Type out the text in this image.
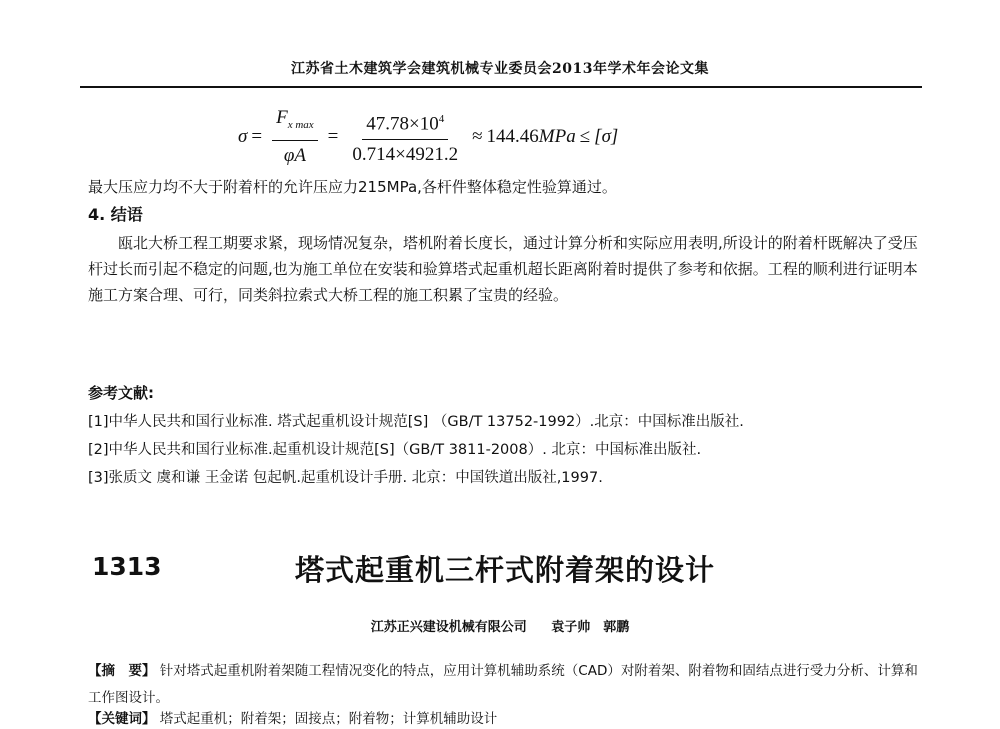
江苏省土木建筑学会建筑机械专业委员会2013年学术年会论文集
$\sigma = \frac{F_{x max}}{\varphi A} = \frac{47.78\times 10^4}{0.714\times 4921.2} \approx 144.46$ MPa ≤ [σ]
最大压应力均不大于附着杆的允许压应力215MPa,各杆件整体稳定性验算通过。
4. 结语
瓯北大桥工程工期要求紧，现场情况复杂，塔机附着长度长，通过计算分析和实际应用表明,所设计的附着杆既解决了受压杆过长而引起不稳定的问题,也为施工单位在安装和验算塔式起重机超长距离附着时提供了参考和依据。工程的顺利进行证明本施工方案合理、可行，同类斜拉索式大桥工程的施工积累了宝贵的经验。
参考文献:
[1]中华人民共和国行业标准. 塔式起重机设计规范[S] （GB/T 13752-1992）.北京：中国标准出版社.
[2]中华人民共和国行业标准.起重机设计规范[S]（GB/T 3811-2008）. 北京：中国标准出版社.
[3]张质文 虞和谦 王金诺 包起帆.起重机设计手册. 北京：中国铁道出版社,1997.
1313	塔式起重机三杆式附着架的设计
江苏正兴建设机械有限公司 袁子帅　郭鹏
【摘　要】 针对塔式起重机附着架随工程情况变化的特点，应用计算机辅助系统（CAD）对附着架、附着物和固结点进行受力分析、计算和工作图设计。
【关键词】 塔式起重机；附着架；固接点；附着物；计算机辅助设计
